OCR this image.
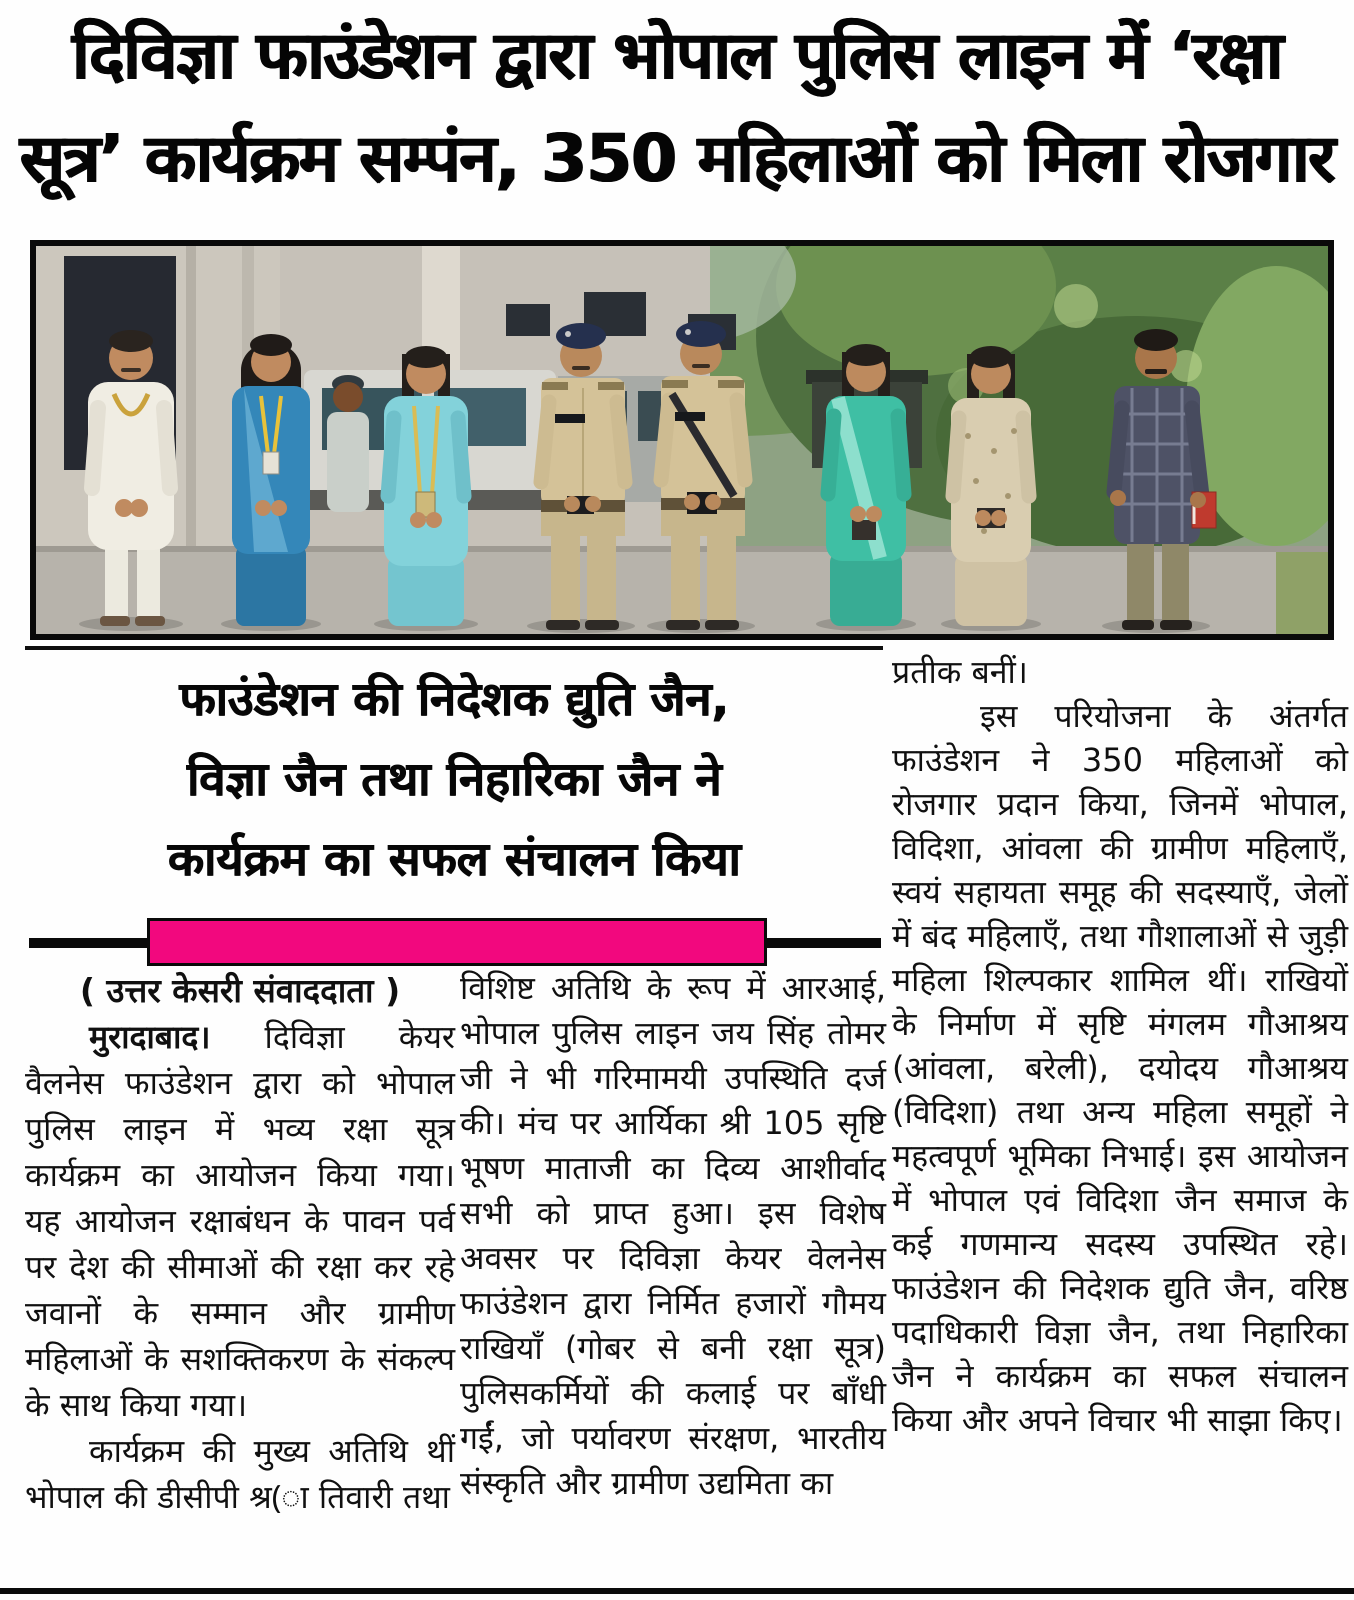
दिविज्ञा फाउंडेशन द्वारा भोपाल पुलिस लाइन में ‘रक्षा
सूत्र’ कार्यक्रम सम्पंन, 350 महिलाओं को मिला रोजगार
फाउंडेशन की निदेशक द्युति जैन,
विज्ञा जैन तथा निहारिका जैन ने
कार्यक्रम का सफल संचालन किया

( उत्तर केसरी संवाददाता )

मुरादाबाद। दिविज्ञा केयर वैलनेस फाउंडेशन द्वारा को भोपाल पुलिस लाइन में भव्य रक्षा सूत्र कार्यक्रम का आयोजन किया गया। यह आयोजन रक्षाबंधन के पावन पर्व पर देश की सीमाओं की रक्षा कर रहे जवानों के सम्मान और ग्रामीण महिलाओं के सशक्तिकरण के संकल्प के साथ किया गया।

कार्यक्रम की मुख्य अतिथि थीं भोपाल की डीसीपी श्र(ा तिवारी तथा

विशिष्ट अतिथि के रूप में आरआई, भोपाल पुलिस लाइन जय सिंह तोमर जी ने भी गरिमामयी उपस्थिति दर्ज की। मंच पर आर्यिका श्री 105 सृष्टि भूषण माताजी का दिव्य आशीर्वाद सभी को प्राप्त हुआ। इस विशेष अवसर पर दिविज्ञा केयर वेलनेस फाउंडेशन द्वारा निर्मित हजारों गौमय राखियाँ (गोबर से बनी रक्षा सूत्र) पुलिसकर्मियों की कलाई पर बाँधी गईं, जो पर्यावरण संरक्षण, भारतीय संस्कृति और ग्रामीण उद्यमिता का

प्रतीक बनीं।

इस परियोजना के अंतर्गत फाउंडेशन ने 350 महिलाओं को रोजगार प्रदान किया, जिनमें भोपाल, विदिशा, आंवला की ग्रामीण महिलाएँ, स्वयं सहायता समूह की सदस्याएँ, जेलों में बंद महिलाएँ, तथा गौशालाओं से जुड़ी महिला शिल्पकार शामिल थीं। राखियों के निर्माण में सृष्टि मंगलम गौआश्रय (आंवला, बरेली), दयोदय गौआश्रय (विदिशा) तथा अन्य महिला समूहों ने महत्वपूर्ण भूमिका निभाई। इस आयोजन में भोपाल एवं विदिशा जैन समाज के कई गणमान्य सदस्य उपस्थित रहे। फाउंडेशन की निदेशक द्युति जैन, वरिष्ठ पदाधिकारी विज्ञा जैन, तथा निहारिका जैन ने कार्यक्रम का सफल संचालन किया और अपने विचार भी साझा किए।
